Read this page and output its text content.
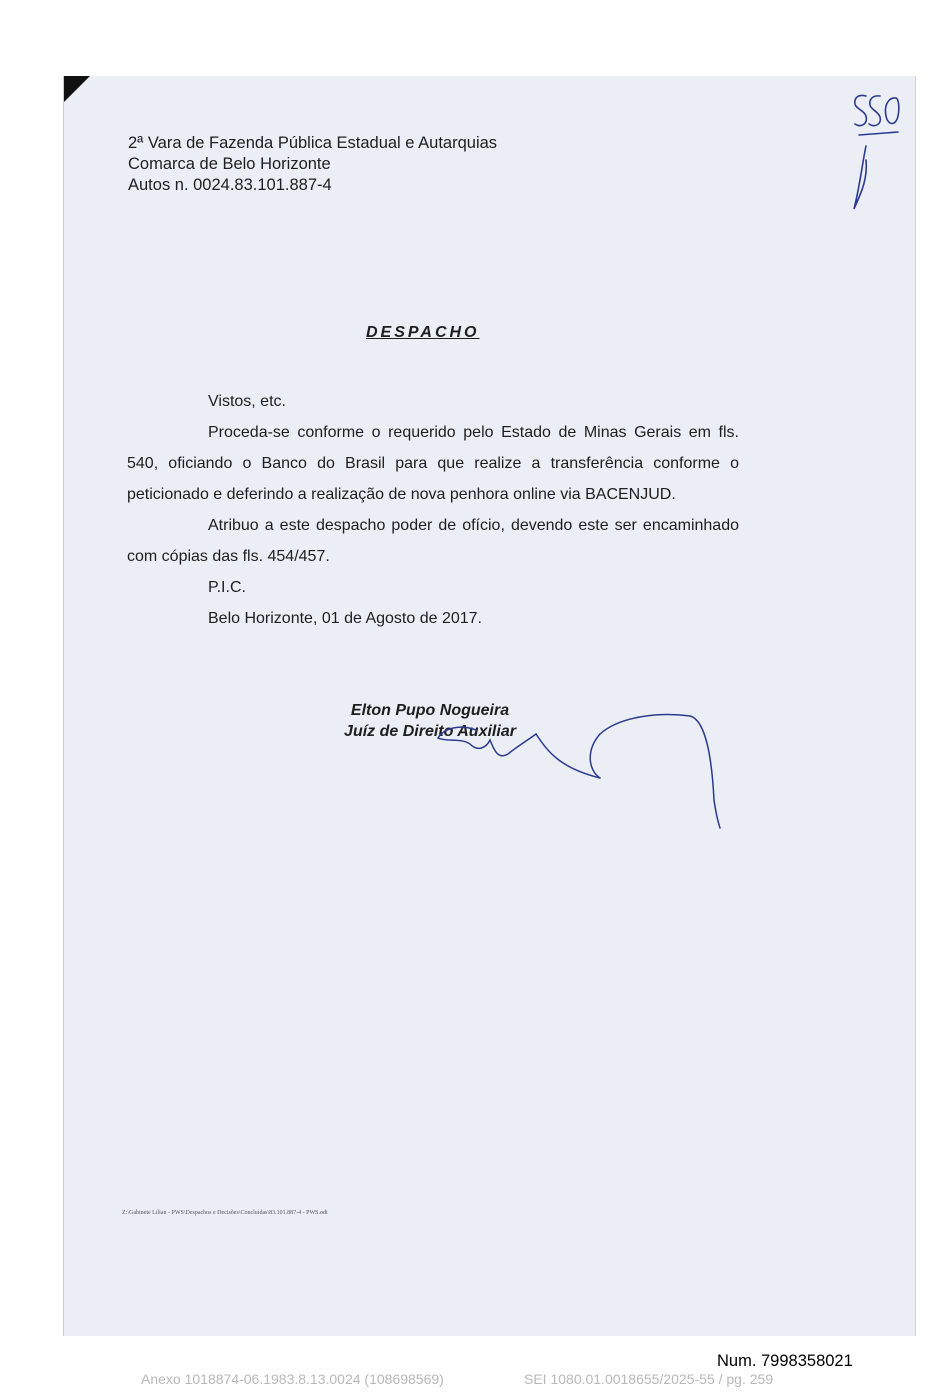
2ª Vara de Fazenda Pública Estadual e Autarquias
Comarca de Belo Horizonte
Autos n. 0024.83.101.887-4
DESPACHO

Vistos, etc.

Proceda-se conforme o requerido pelo Estado de Minas Gerais em fls. 540, oficiando o Banco do Brasil para que realize a transferência conforme o peticionado e deferindo a realização de nova penhora online via BACENJUD.

Atribuo a este despacho poder de ofício, devendo este ser encaminhado com cópias das fls. 454/457.

P.I.C.

Belo Horizonte, 01 de Agosto de 2017.

Elton Pupo Nogueira
Juíz de Direito Auxiliar
Z:\Gabinete Lilian - PWS\Despachos e Decisões\Concluídas\83.101.887-4 - PWS.odt
Num. 7998358021
Anexo 1018874-06.1983.8.13.0024 (108698569)	SEI 1080.01.0018655/2025-55 / pg. 259
